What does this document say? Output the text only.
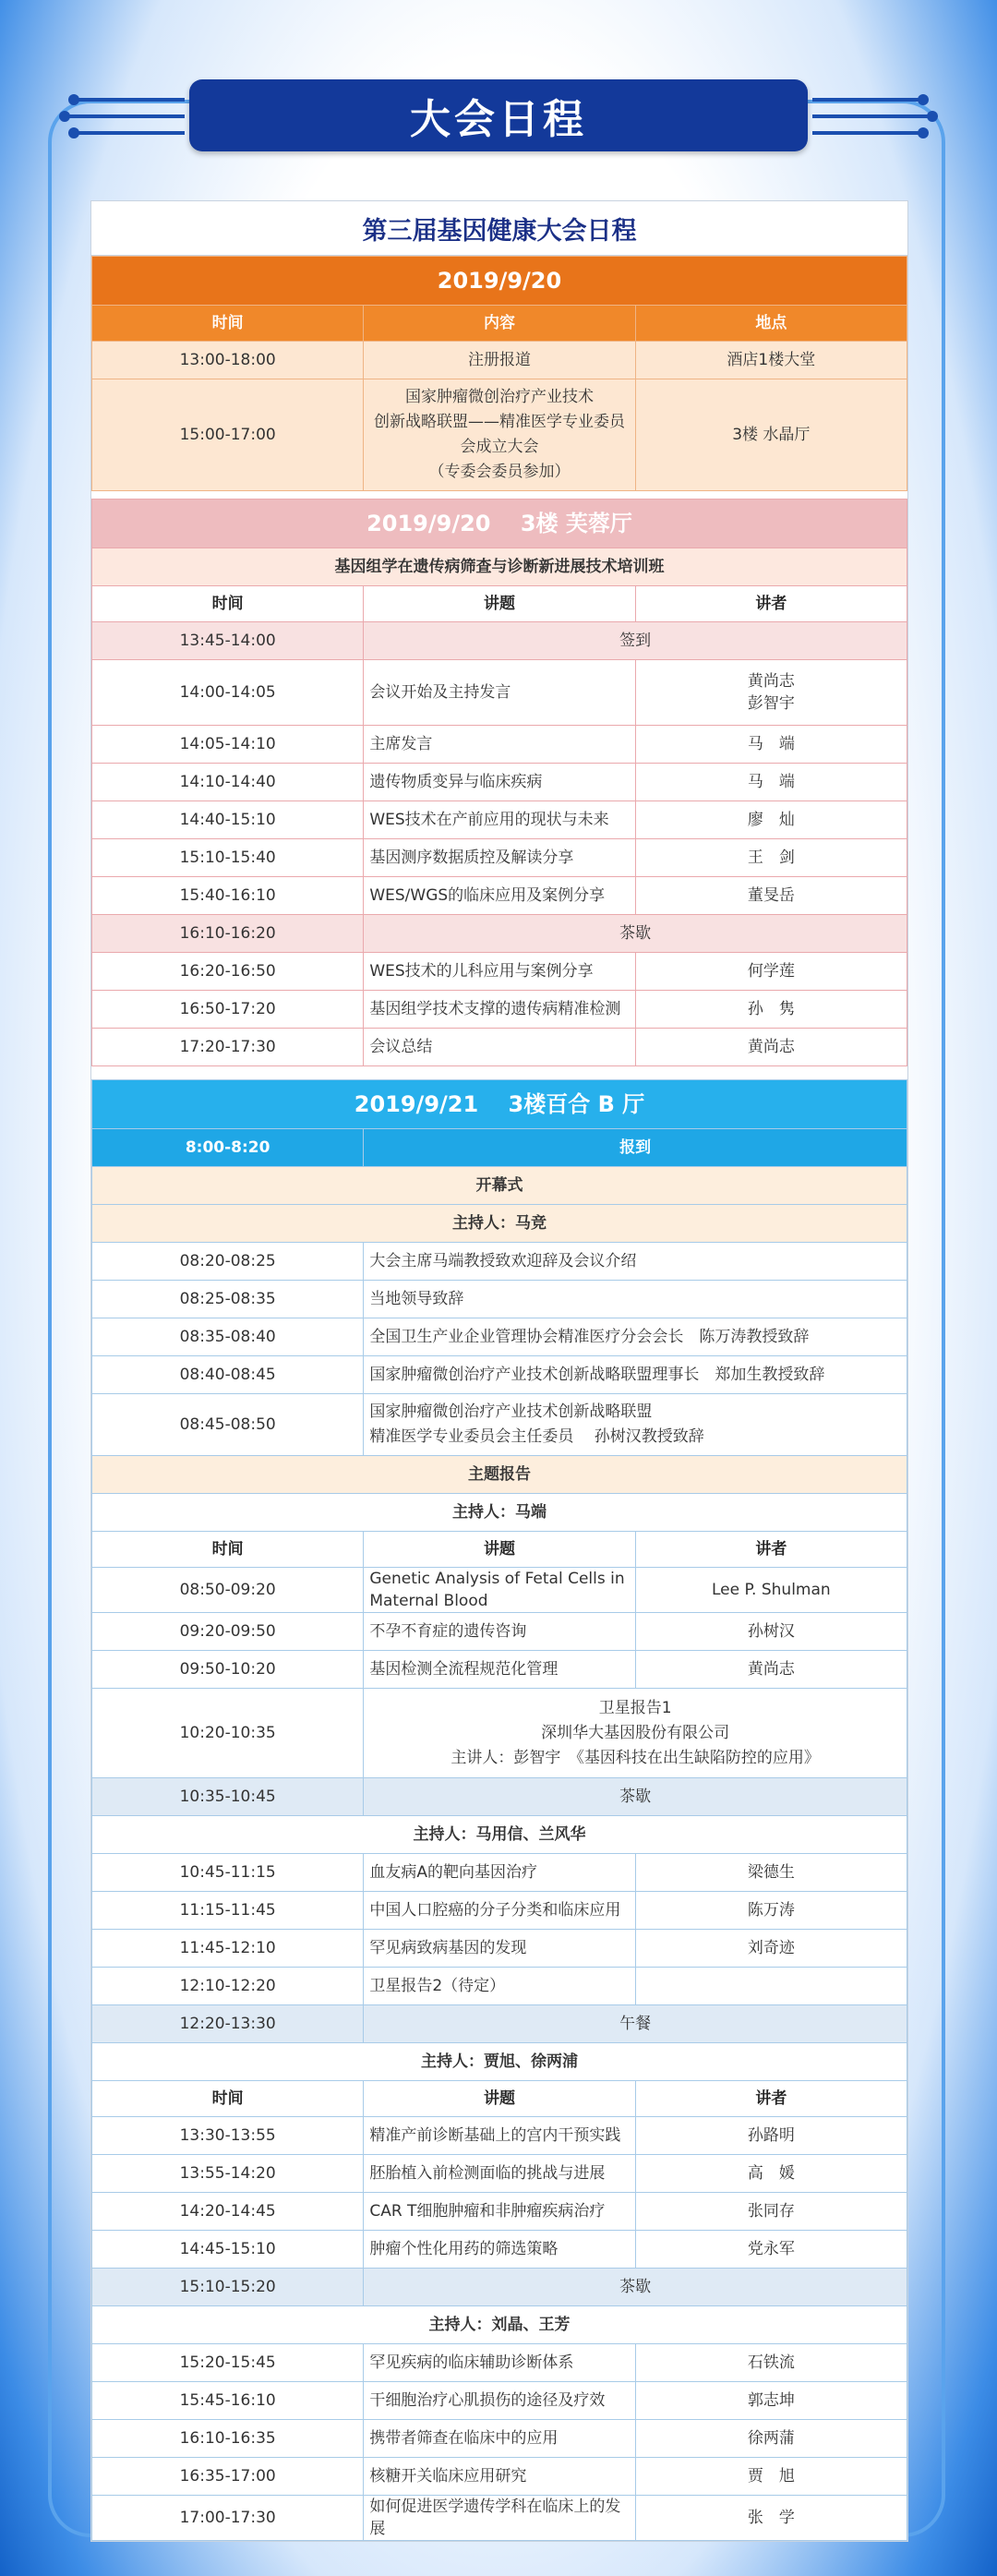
大会日程
第三届基因健康大会日程
2019/9/20		
时间	内容	地点
13:00-18:00	注册报道	酒店1楼大堂
15:00-17:00	国家肿瘤微创治疗产业技术
创新战略联盟——精准医学专业委员会成立大会
（专委会委员参加）	3楼 水晶厅
2019/9/20　 3楼 芙蓉厅		
基因组学在遗传病筛查与诊断新进展技术培训班		
时间	讲题	讲者
13:45-14:00	签到	
14:00-14:05	会议开始及主持发言	黄尚志
彭智宇

14:05-14:10	主席发言	马　端
14:10-14:40	遗传物质变异与临床疾病	马　端
14:40-15:10	WES技术在产前应用的现状与未来	廖　灿
15:10-15:40	基因测序数据质控及解读分享	王　剑
15:40-16:10	WES/WGS的临床应用及案例分享	董旻岳
16:10-16:20	茶歇	
16:20-16:50	WES技术的儿科应用与案例分享	何学莲
16:50-17:20	基因组学技术支撑的遗传病精准检测	孙　隽
17:20-17:30	会议总结	黄尚志
2019/9/21　 3楼百合 B 厅		
8:00-8:20	报到	
开幕式		
主持人：马竞		
08:20-08:25	大会主席马端教授致欢迎辞及会议介绍	
08:25-08:35	当地领导致辞	
08:35-08:40	全国卫生产业企业管理协会精准医疗分会会长　陈万涛教授致辞	
08:40-08:45	国家肿瘤微创治疗产业技术创新战略联盟理事长　郑加生教授致辞	
08:45-08:50	国家肿瘤微创治疗产业技术创新战略联盟
精准医学专业委员会主任委员　 孙树汉教授致辞	

主题报告		
主持人：马端		
时间	讲题	讲者
08:50-09:20	Genetic Analysis of Fetal Cells in Maternal Blood	Lee P. Shulman
09:20-09:50	不孕不育症的遗传咨询	孙树汉
09:50-10:20	基因检测全流程规范化管理	黄尚志
10:20-10:35	卫星报告1
深圳华大基因股份有限公司
主讲人：彭智宇　《基因科技在出生缺陷防控的应用》	

10:35-10:45	茶歇	
主持人：马用信、兰风华		
10:45-11:15	血友病A的靶向基因治疗	梁德生
11:15-11:45	中国人口腔癌的分子分类和临床应用	陈万涛
11:45-12:10	罕见病致病基因的发现	刘奇迹
12:10-12:20	卫星报告2（待定）	
12:20-13:30	午餐	
主持人：贾旭、徐两浦		
时间	讲题	讲者
13:30-13:55	精准产前诊断基础上的宫内干预实践	孙路明
13:55-14:20	胚胎植入前检测面临的挑战与进展	高　媛
14:20-14:45	CAR T细胞肿瘤和非肿瘤疾病治疗	张同存
14:45-15:10	肿瘤个性化用药的筛选策略	党永军
15:10-15:20	茶歇	
主持人：刘晶、王芳		
15:20-15:45	罕见疾病的临床辅助诊断体系	石铁流
15:45-16:10	干细胞治疗心肌损伤的途径及疗效	郭志坤
16:10-16:35	携带者筛查在临床中的应用	徐两蒲
16:35-17:00	核糖开关临床应用研究	贾　旭
17:00-17:30	如何促进医学遗传学科在临床上的发展	张　学
